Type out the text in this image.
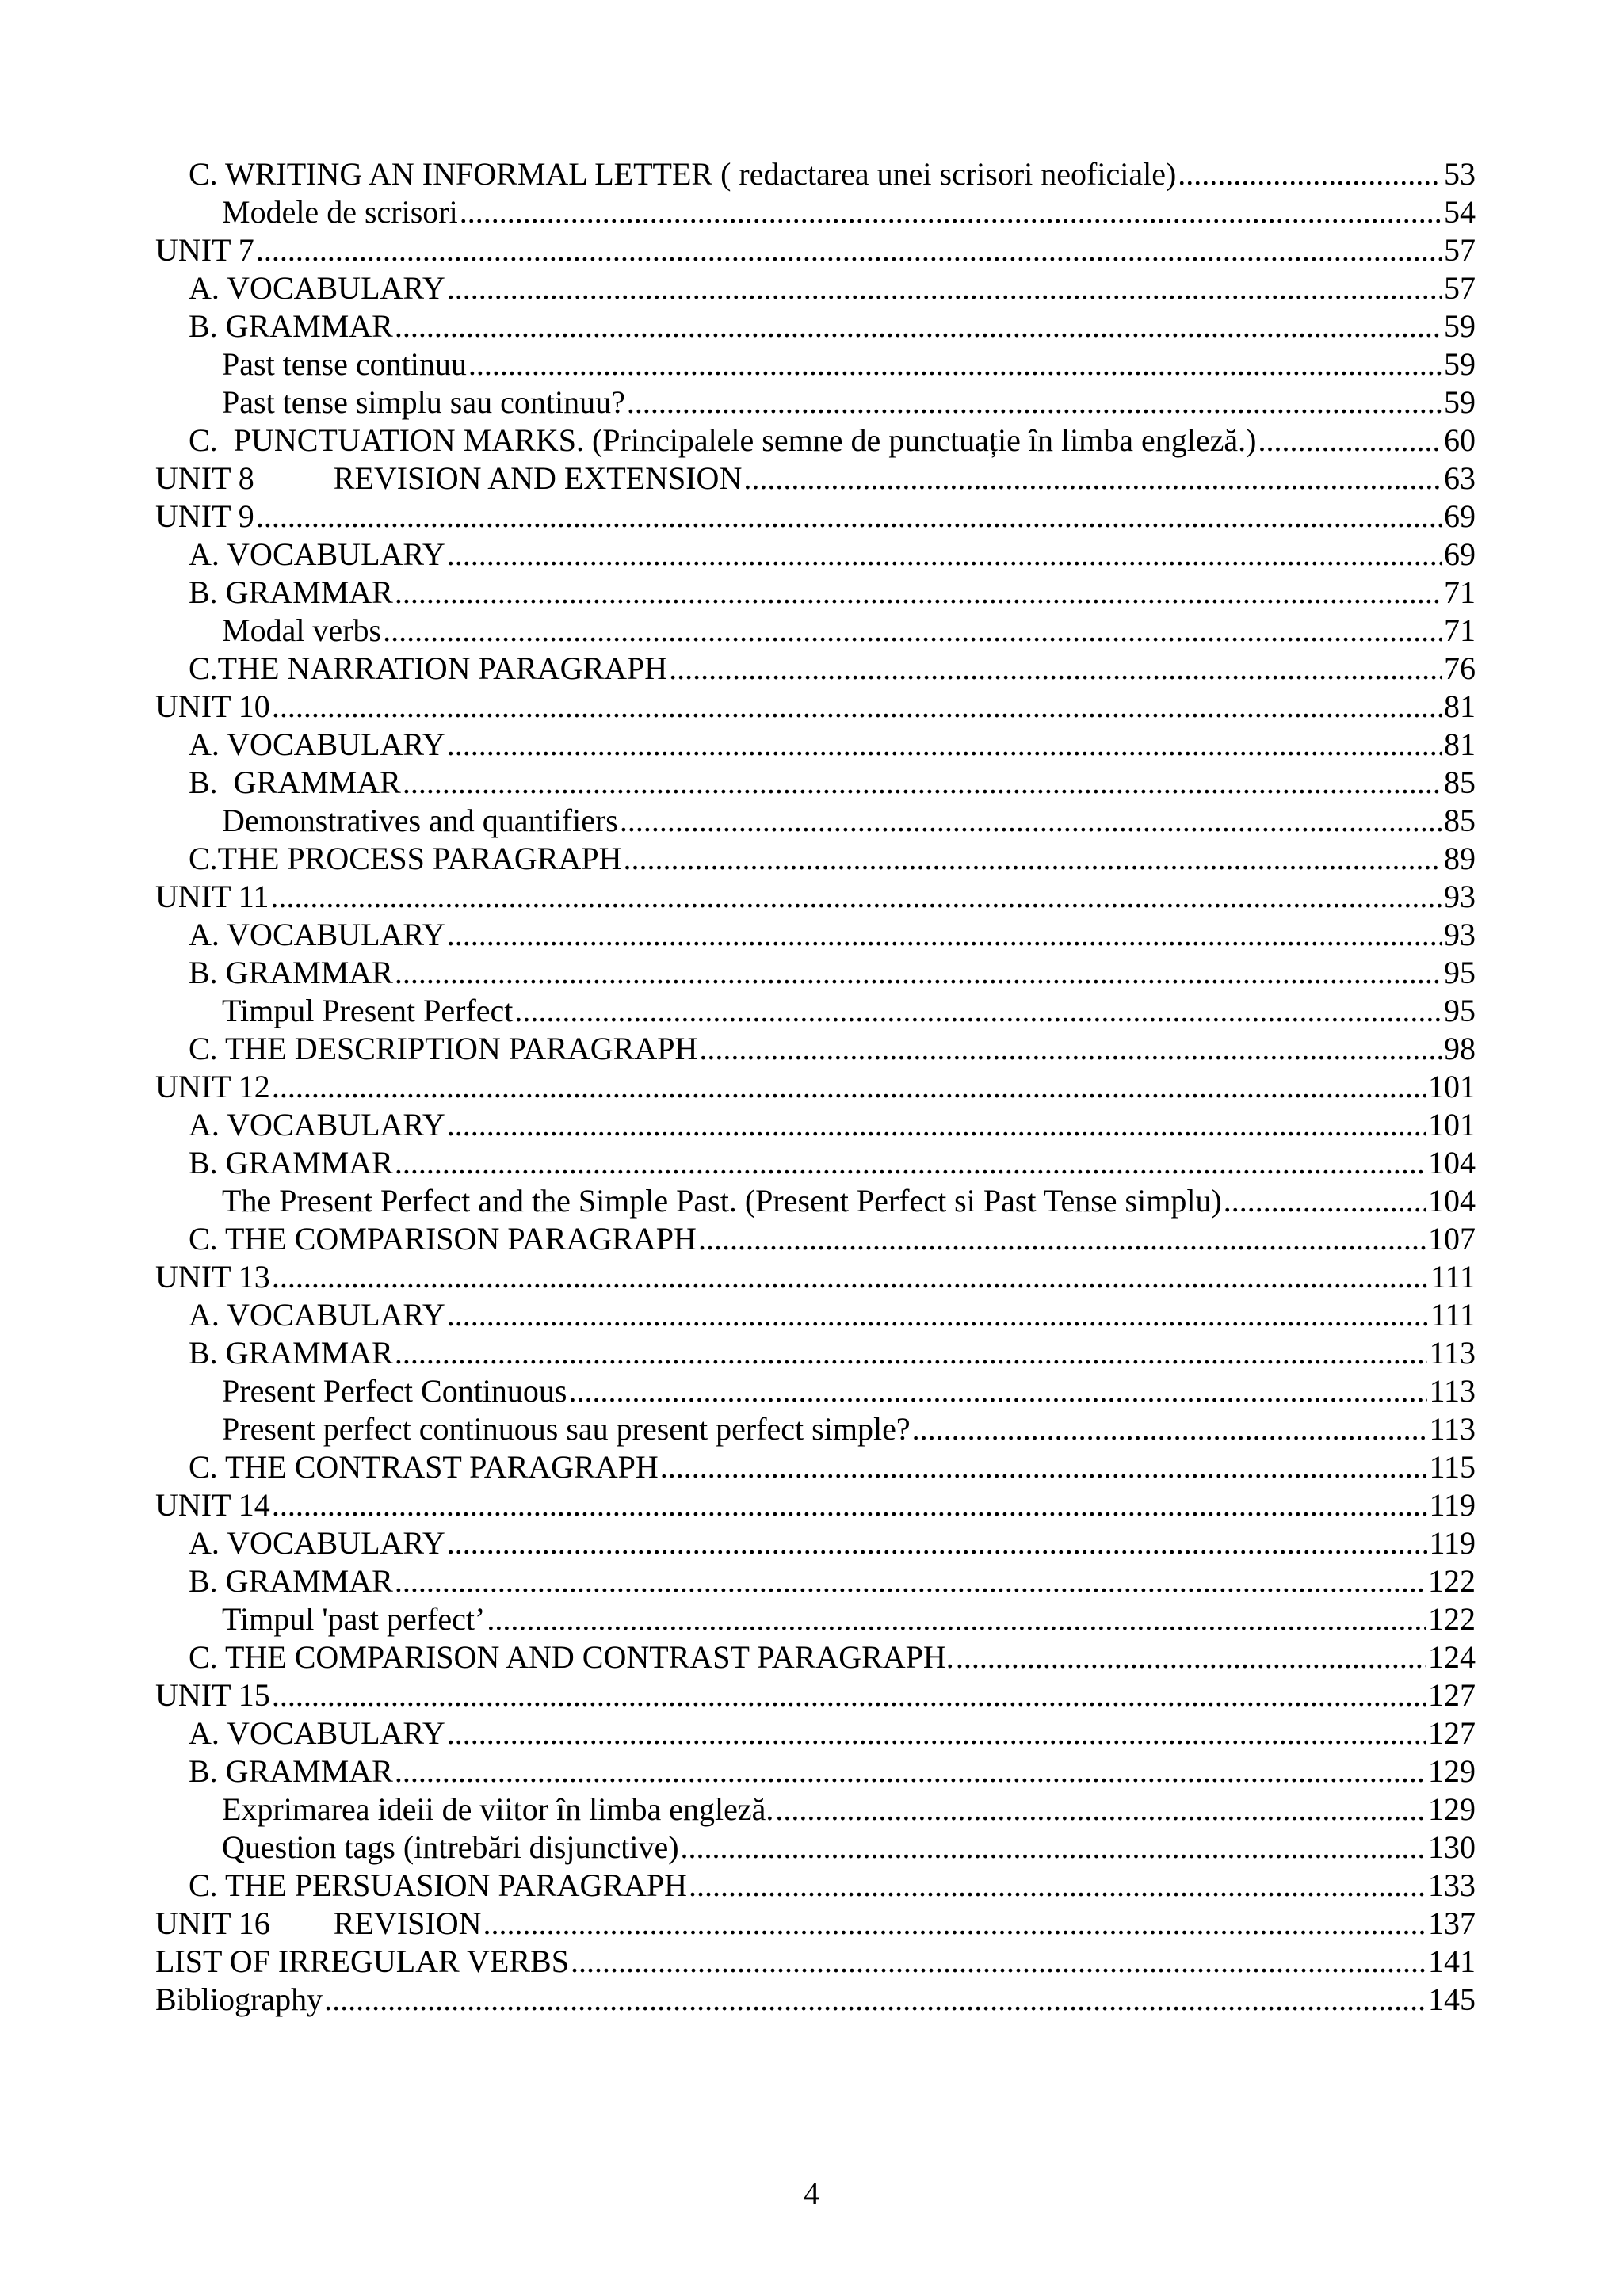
C. WRITING AN INFORMAL LETTER ( redactarea unei scrisori neoficiale) .....	53
Modele de scrisori .....	54
UNIT 7 .....	57
A. VOCABULARY .....	57
B. GRAMMAR .....	59
Past tense continuu .....	59
Past tense simplu sau continuu? .....	59
C.  PUNCTUATION MARKS. (Principalele semne de punctuație în limba engleză.) .....	60
UNIT 8          REVISION AND EXTENSION .....	63
UNIT 9 .....	69
A. VOCABULARY .....	69
B. GRAMMAR .....	71
Modal verbs .....	71
C.THE NARRATION PARAGRAPH .....	76
UNIT 10 .....	81
A. VOCABULARY .....	81
B.  GRAMMAR .....	85
Demonstratives and quantifiers .....	85
C.THE PROCESS PARAGRAPH .....	89
UNIT 11 .....	93
A. VOCABULARY .....	93
B. GRAMMAR .....	95
Timpul Present Perfect .....	95
C. THE DESCRIPTION PARAGRAPH .....	98
UNIT 12 .....	101
A. VOCABULARY .....	101
B. GRAMMAR .....	104
The Present Perfect and the Simple Past. (Present Perfect si Past Tense simplu) .....	104
C. THE COMPARISON PARAGRAPH .....	107
UNIT 13 .....	111
A. VOCABULARY .....	111
B. GRAMMAR .....	113
Present Perfect Continuous .....	113
Present perfect continuous sau present perfect simple? .....	113
C. THE CONTRAST PARAGRAPH .....	115
UNIT 14 .....	119
A. VOCABULARY .....	119
B. GRAMMAR .....	122
Timpul 'past perfect’ .....	122
C. THE COMPARISON AND CONTRAST PARAGRAPH. .....	124
UNIT 15 .....	127
A. VOCABULARY .....	127
B. GRAMMAR .....	129
Exprimarea ideii de viitor în limba engleză. .....	129
Question tags (intrebări disjunctive) .....	130
C. THE PERSUASION PARAGRAPH .....	133
UNIT 16        REVISION .....	137
LIST OF IRREGULAR VERBS .....	141
Bibliography .....	145
4
